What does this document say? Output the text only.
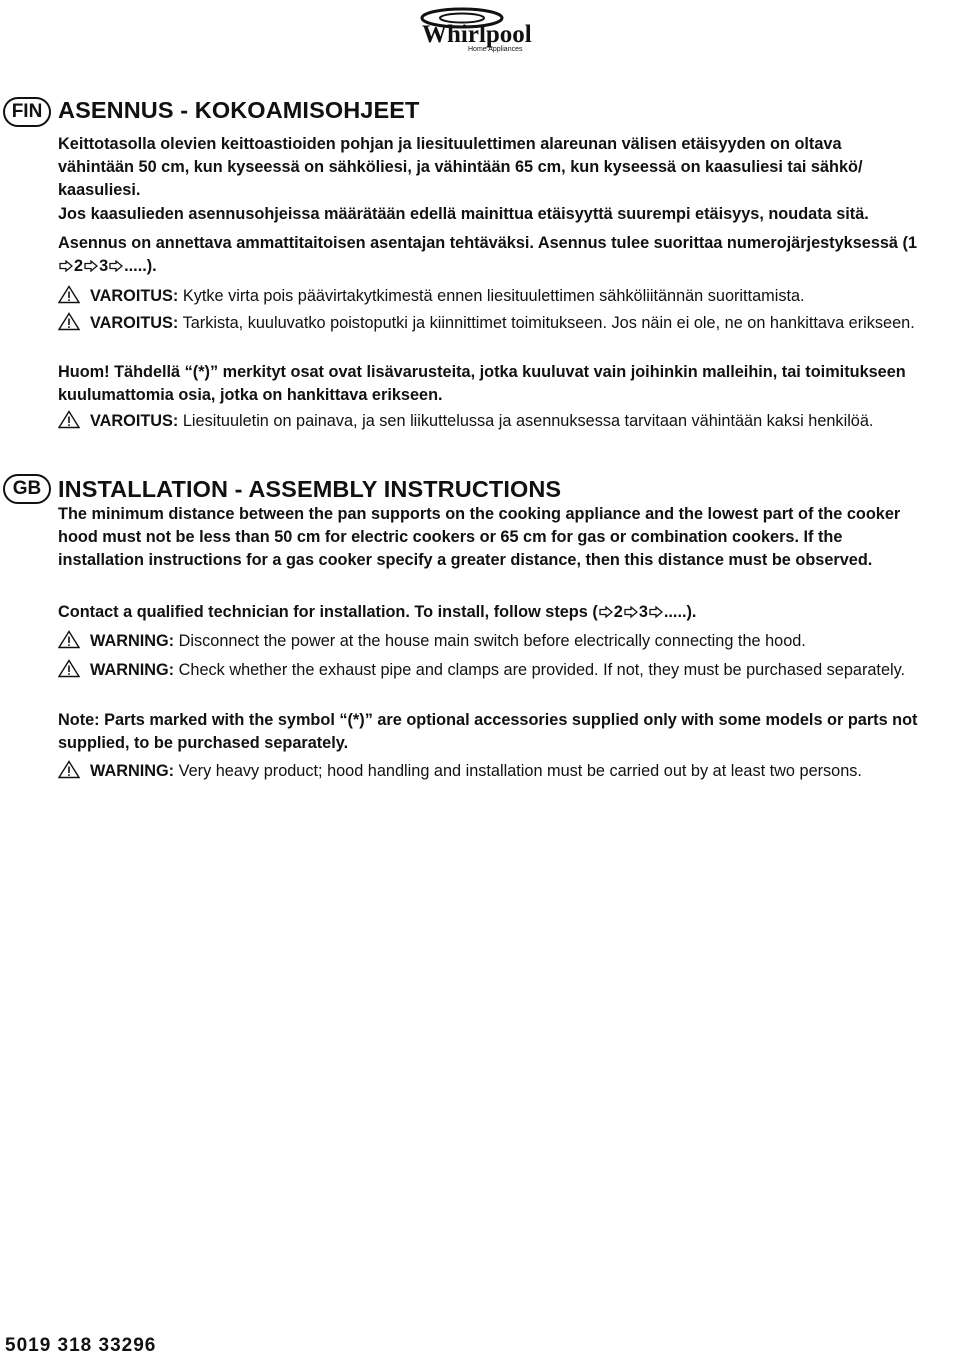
Whirlpool
Home Appliances
FIN ASENNUS - KOKOAMISOHJEET

Keittotasolla olevien keittoastioiden pohjan ja liesituulettimen alareunan välisen etäisyyden on oltava vähintään 50 cm, kun kyseessä on sähköliesi, ja vähintään 65 cm, kun kyseessä on kaasuliesi tai sähkö/ kaasuliesi.

Jos kaasulieden asennusohjeissa määrätään edellä mainittua etäisyyttä suurempi etäisyys, noudata sitä.

Asennus on annettava ammattitaitoisen asentajan tehtäväksi. Asennus tulee suorittaa numerojärjestyksessä (12 3 .....).

VAROITUS: Kytke virta pois päävirtakytkimestä ennen liesituulettimen sähköliitännän suorittamista.

VAROITUS: Tarkista, kuuluvatko poistoputki ja kiinnittimet toimitukseen. Jos näin ei ole, ne on hankittava erikseen.

Huom! Tähdellä “(*)” merkityt osat ovat lisävarusteita, jotka kuuluvat vain joihinkin malleihin, tai toimitukseen kuulumattomia osia, jotka on hankittava erikseen.

VAROITUS: Liesituuletin on painava, ja sen liikuttelussa ja asennuksessa tarvitaan vähintään kaksi henkilöä.

GB INSTALLATION - ASSEMBLY INSTRUCTIONS

The minimum distance between the pan supports on the cooking appliance and the lowest part of the cooker hood must not be less than 50 cm for electric cookers or 65 cm for gas or combination cookers. If the installation instructions for a gas cooker specify a greater distance, then this distance must be observed.

Contact a qualified technician for installation. To install, follow steps ( 2 3 .....).

WARNING: Disconnect the power at the house main switch before electrically connecting the hood.

WARNING: Check whether the exhaust pipe and clamps are provided. If not, they must be purchased separately.

Note: Parts marked with the symbol “(*)” are optional accessories supplied only with some models or parts not supplied, to be purchased separately.

WARNING: Very heavy product; hood handling and installation must be carried out by at least two persons.

5019 318 33296
